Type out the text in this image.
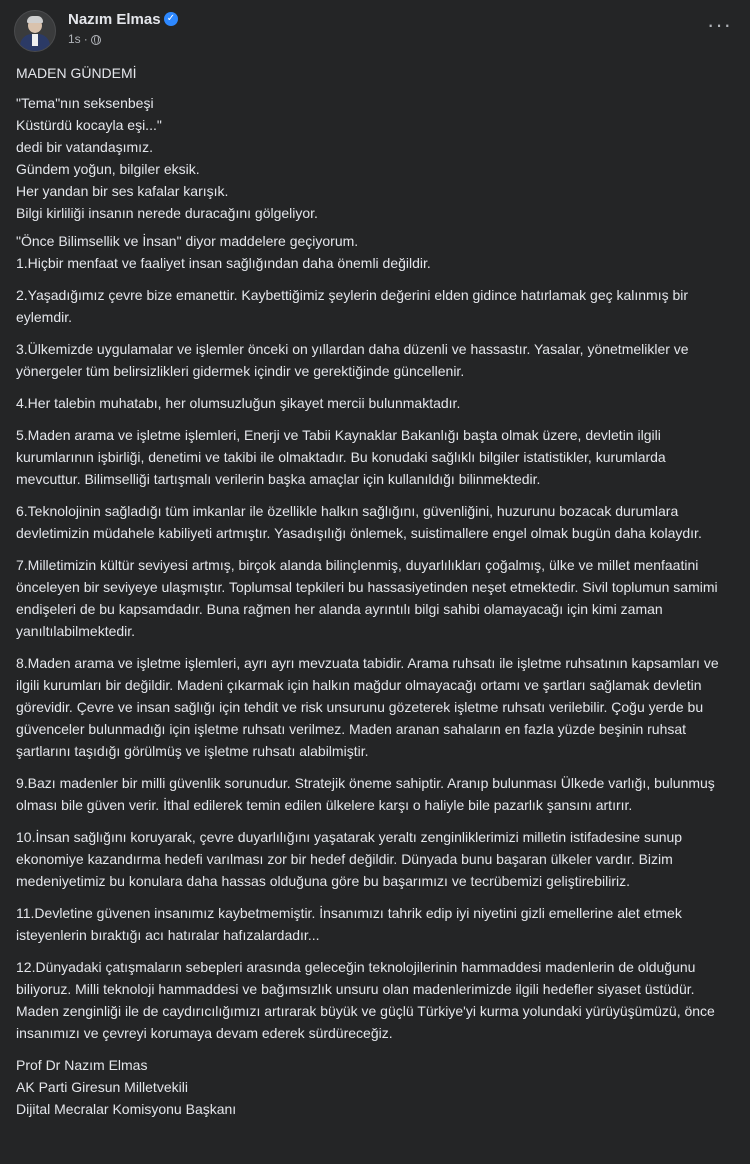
Nazım Elmas ✓
1s ·
···

MADEN GÜNDEMİ

"Tema"nın seksenbeşi
Küstürdü kocayla eşi..."
dedi bir vatandaşımız.
Gündem yoğun, bilgiler eksik.
Her yandan bir ses kafalar karışık.
Bilgi kirliliği insanın nerede duracağını gölgeliyor.

"Önce Bilimsellik ve İnsan" diyor maddelere geçiyorum.

1.Hiçbir menfaat ve faaliyet insan sağlığından daha önemli değildir.

2.Yaşadığımız çevre bize emanettir. Kaybettiğimiz şeylerin değerini elden gidince hatırlamak geç kalınmış bir eylemdir.

3.Ülkemizde uygulamalar ve işlemler önceki on yıllardan daha düzenli ve hassastır. Yasalar, yönetmelikler ve yönergeler tüm belirsizlikleri gidermek içindir ve gerektiğinde güncellenir.

4.Her talebin muhatabı, her olumsuzluğun şikayet mercii bulunmaktadır.

5.Maden arama ve işletme işlemleri, Enerji ve Tabii Kaynaklar Bakanlığı başta olmak üzere, devletin ilgili kurumlarının işbirliği, denetimi ve takibi ile olmaktadır. Bu konudaki sağlıklı bilgiler istatistikler, kurumlarda mevcuttur. Bilimselliği tartışmalı verilerin başka amaçlar için kullanıldığı bilinmektedir.

6.Teknolojinin sağladığı tüm imkanlar ile özellikle halkın sağlığını, güvenliğini, huzurunu bozacak durumlara devletimizin müdahele kabiliyeti artmıştır. Yasadışılığı önlemek, suistimallere engel olmak bugün daha kolaydır.

7.Milletimizin kültür seviyesi artmış, birçok alanda bilinçlenmiş, duyarlılıkları çoğalmış, ülke ve millet menfaatini önceleyen bir seviyeye ulaşmıştır. Toplumsal tepkileri bu hassasiyetinden neşet etmektedir. Sivil toplumun samimi endişeleri de bu kapsamdadır. Buna rağmen her alanda ayrıntılı bilgi sahibi olamayacağı için kimi zaman yanıltılabilmektedir.

8.Maden arama ve işletme işlemleri, ayrı ayrı mevzuata tabidir. Arama ruhsatı ile işletme ruhsatının kapsamları ve ilgili kurumları bir değildir. Madeni çıkarmak için halkın mağdur olmayacağı ortamı ve şartları sağlamak devletin görevidir. Çevre ve insan sağlığı için tehdit ve risk unsurunu gözeterek işletme ruhsatı verilebilir. Çoğu yerde bu güvenceler bulunmadığı için işletme ruhsatı verilmez. Maden aranan sahaların en fazla yüzde beşinin ruhsat şartlarını taşıdığı görülmüş ve işletme ruhsatı alabilmiştir.

9.Bazı madenler bir milli güvenlik sorunudur. Stratejik öneme sahiptir. Aranıp bulunması Ülkede varlığı, bulunmuş olması bile güven verir. İthal edilerek temin edilen ülkelere karşı o haliyle bile pazarlık şansını artırır.

10.İnsan sağlığını koruyarak, çevre duyarlılığını yaşatarak yeraltı zenginliklerimizi milletin istifadesine sunup ekonomiye kazandırma hedefi varılması zor bir hedef değildir. Dünyada bunu başaran ülkeler vardır. Bizim medeniyetimiz bu konulara daha hassas olduğuna göre bu başarımızı ve tecrübemizi geliştirebiliriz.

11.Devletine güvenen insanımız kaybetmemiştir. İnsanımızı tahrik edip iyi niyetini gizli emellerine alet etmek isteyenlerin bıraktığı acı hatıralar hafızalardadır...

12.Dünyadaki çatışmaların sebepleri arasında geleceğin teknolojilerinin hammaddesi madenlerin de olduğunu biliyoruz. Milli teknoloji hammaddesi ve bağımsızlık unsuru olan madenlerimizde ilgili hedefler siyaset üstüdür. Maden zenginliği ile de caydırıcılığımızı artırarak büyük ve güçlü Türkiye'yi kurma yolundaki yürüyüşümüzü, önce insanımızı ve çevreyi korumaya devam ederek sürdüreceğiz.

Prof Dr Nazım Elmas
AK Parti Giresun Milletvekili
Dijital Mecralar Komisyonu Başkanı
